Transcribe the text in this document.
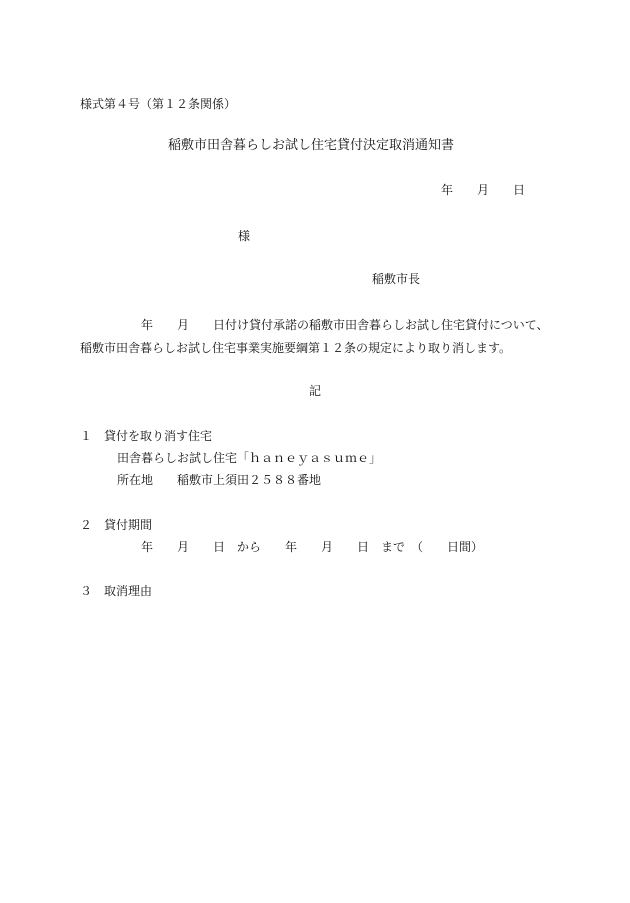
様式第４号（第１２条関係）
稲敷市田舎暮らしお試し住宅貸付決定取消通知書
年　　月　　日
様
稲敷市長
年　　月　　日付け貸付承諾の稲敷市田舎暮らしお試し住宅貸付について、
稲敷市田舎暮らしお試し住宅事業実施要綱第１２条の規定により取り消します。
記
１　貸付を取り消す住宅
田舎暮らしお試し住宅「ｈａｎｅｙａｓｕｍｅ」
所在地　　稲敷市上須田２５８８番地
２　貸付期間
年　　月　　日　から　　年　　月　　日　まで　（　　日間）
３　取消理由
